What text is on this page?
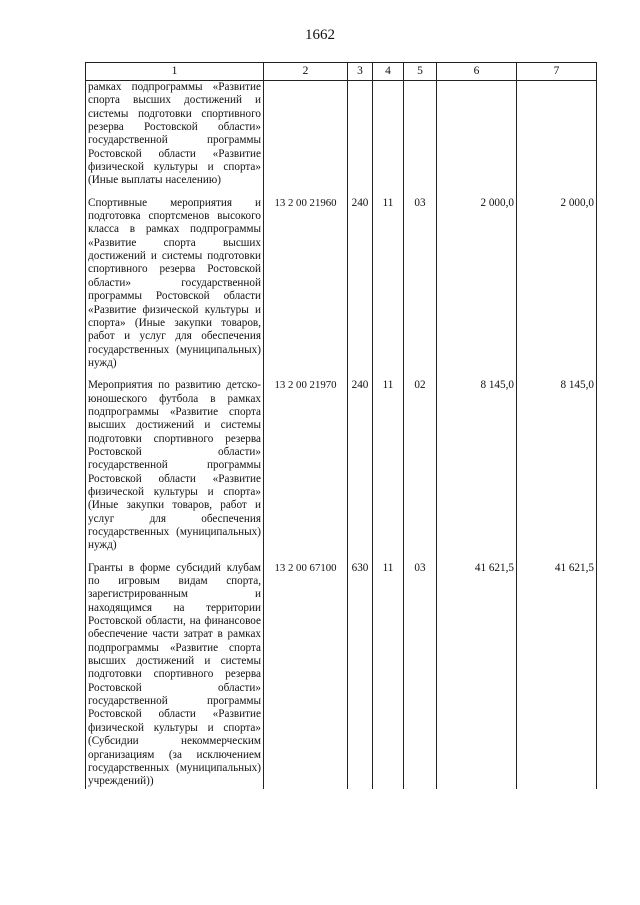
1662
1	2	3	4	5	6	7
рамках подпрограммы «Развитие спорта высших достижений и системы подготовки спортивного резерва Ростовской области» государственной программы Ростовской области «Развитие физической культуры и спорта» (Иные выплаты населению)						

Спортивные мероприятия и подготовка спортсменов высокого класса в рамках подпрограммы «Развитие спорта высших достижений и системы подготовки спортивного резерва Ростовской области» государственной программы Ростовской области «Развитие физической культуры и спорта» (Иные закупки товаров, работ и услуг для обеспечения государственных (муниципальных) нужд)	13 2 00 21960	240	11	03	2 000,0	2 000,0

Мероприятия по развитию детско-юношеского футбола в рамках подпрограммы «Развитие спорта высших достижений и системы подготовки спортивного резерва Ростовской области» государственной программы Ростовской области «Развитие физической культуры и спорта» (Иные закупки товаров, работ и услуг для обеспечения государственных (муниципальных) нужд)	13 2 00 21970	240	11	02	8 145,0	8 145,0

Гранты в форме субсидий клубам по игровым видам спорта, зарегистрированным и находящимся на территории Ростовской области, на финансовое обеспечение части затрат в рамках подпрограммы «Развитие спорта высших достижений и системы подготовки спортивного резерва Ростовской области» государственной программы Ростовской области «Развитие физической культуры и спорта» (Субсидии некоммерческим организациям (за исключением государственных (муниципальных) учреждений))	13 2 00 67100	630	11	03	41 621,5	41 621,5
